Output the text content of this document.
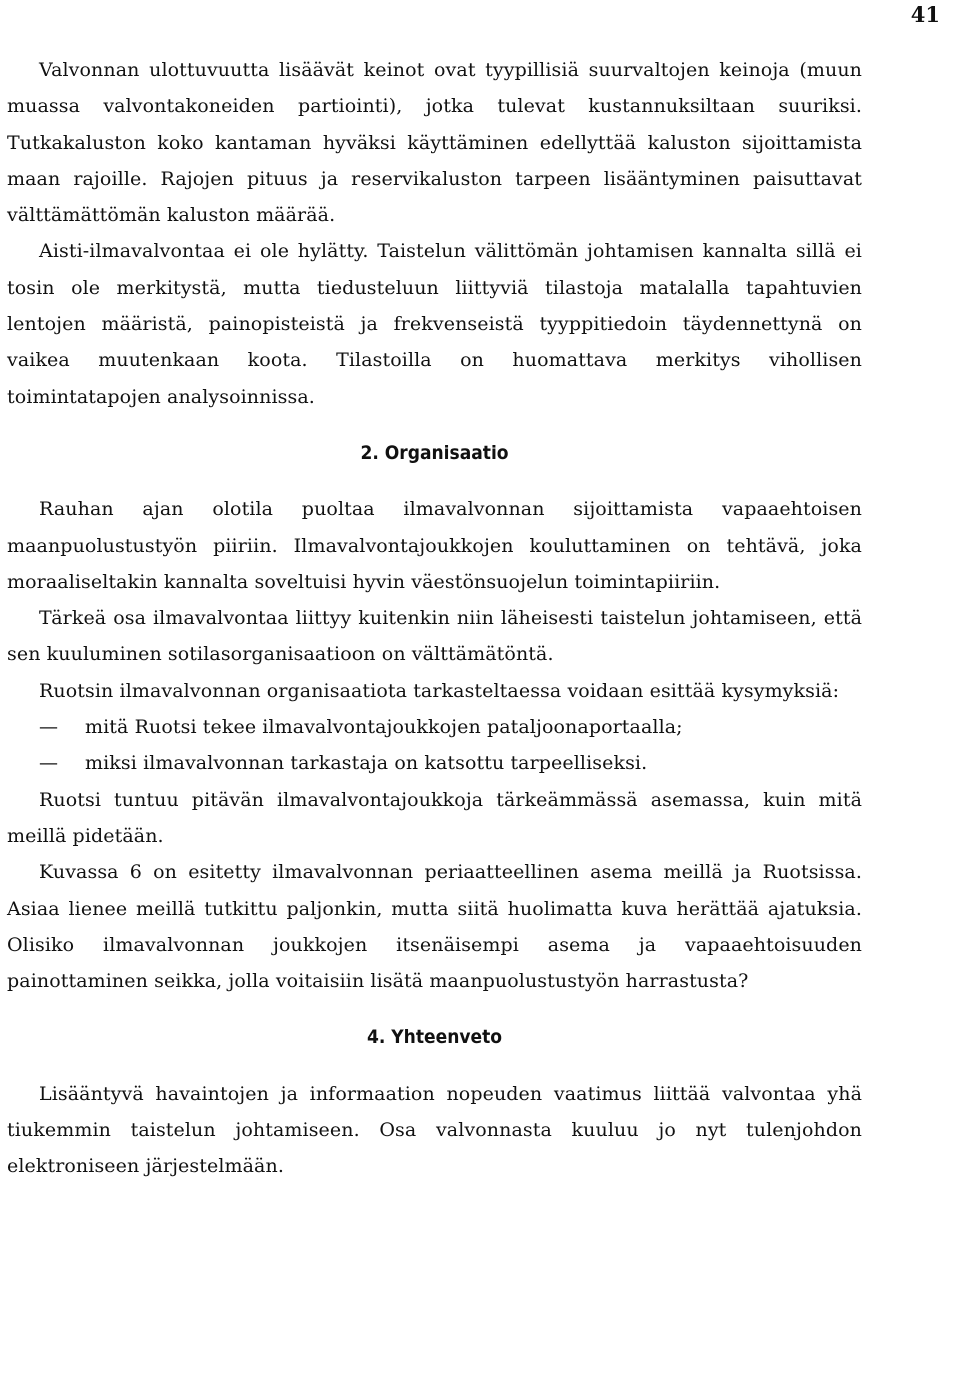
41

Valvonnan ulottuvuutta lisäävät keinot ovat tyypillisiä suurvaltojen keinoja (muun muassa valvontakoneiden partiointi), jotka tulevat kustannuksiltaan suuriksi. Tutkakaluston koko kantaman hyväksi käyttäminen edellyttää kaluston sijoittamista maan rajoille. Rajojen pituus ja reservikaluston tarpeen lisääntyminen paisuttavat välttämättömän kaluston määrää.

Aisti-ilmavalvontaa ei ole hylätty. Taistelun välittömän johtamisen kannalta sillä ei tosin ole merkitystä, mutta tiedusteluun liittyviä tilastoja matalalla tapahtuvien lentojen määristä, painopisteistä ja frekvenseistä tyyppitiedoin täydennettynä on vaikea muutenkaan koota. Tilastoilla on huomattava merkitys vihollisen toimintatapojen analysoinnissa.

2. Organisaatio

Rauhan ajan olotila puoltaa ilmavalvonnan sijoittamista vapaaehtoisen maanpuolustustyön piiriin. Ilmavalvontajoukkojen kouluttaminen on tehtävä, joka moraaliseltakin kannalta soveltuisi hyvin väestönsuojelun toimintapiiriin.

Tärkeä osa ilmavalvontaa liittyy kuitenkin niin läheisesti taistelun johtamiseen, että sen kuuluminen sotilasorganisaatioon on välttämätöntä.

Ruotsin ilmavalvonnan organisaatiota tarkasteltaessa voidaan esittää kysymyksiä:

— mitä Ruotsi tekee ilmavalvontajoukkojen pataljoonaportaalla;

— miksi ilmavalvonnan tarkastaja on katsottu tarpeelliseksi.

Ruotsi tuntuu pitävän ilmavalvontajoukkoja tärkeämmässä asemassa, kuin mitä meillä pidetään.

Kuvassa 6 on esitetty ilmavalvonnan periaatteellinen asema meillä ja Ruotsissa. Asiaa lienee meillä tutkittu paljonkin, mutta siitä huolimatta kuva herättää ajatuksia. Olisiko ilmavalvonnan joukkojen itsenäisempi asema ja vapaaehtoisuuden painottaminen seikka, jolla voitaisiin lisätä maanpuolustustyön harrastusta?

4. Yhteenveto

Lisääntyvä havaintojen ja informaation nopeuden vaatimus liittää valvontaa yhä tiukemmin taistelun johtamiseen. Osa valvonnasta kuuluu jo nyt tulenjohdon elektroniseen järjestelmään.
